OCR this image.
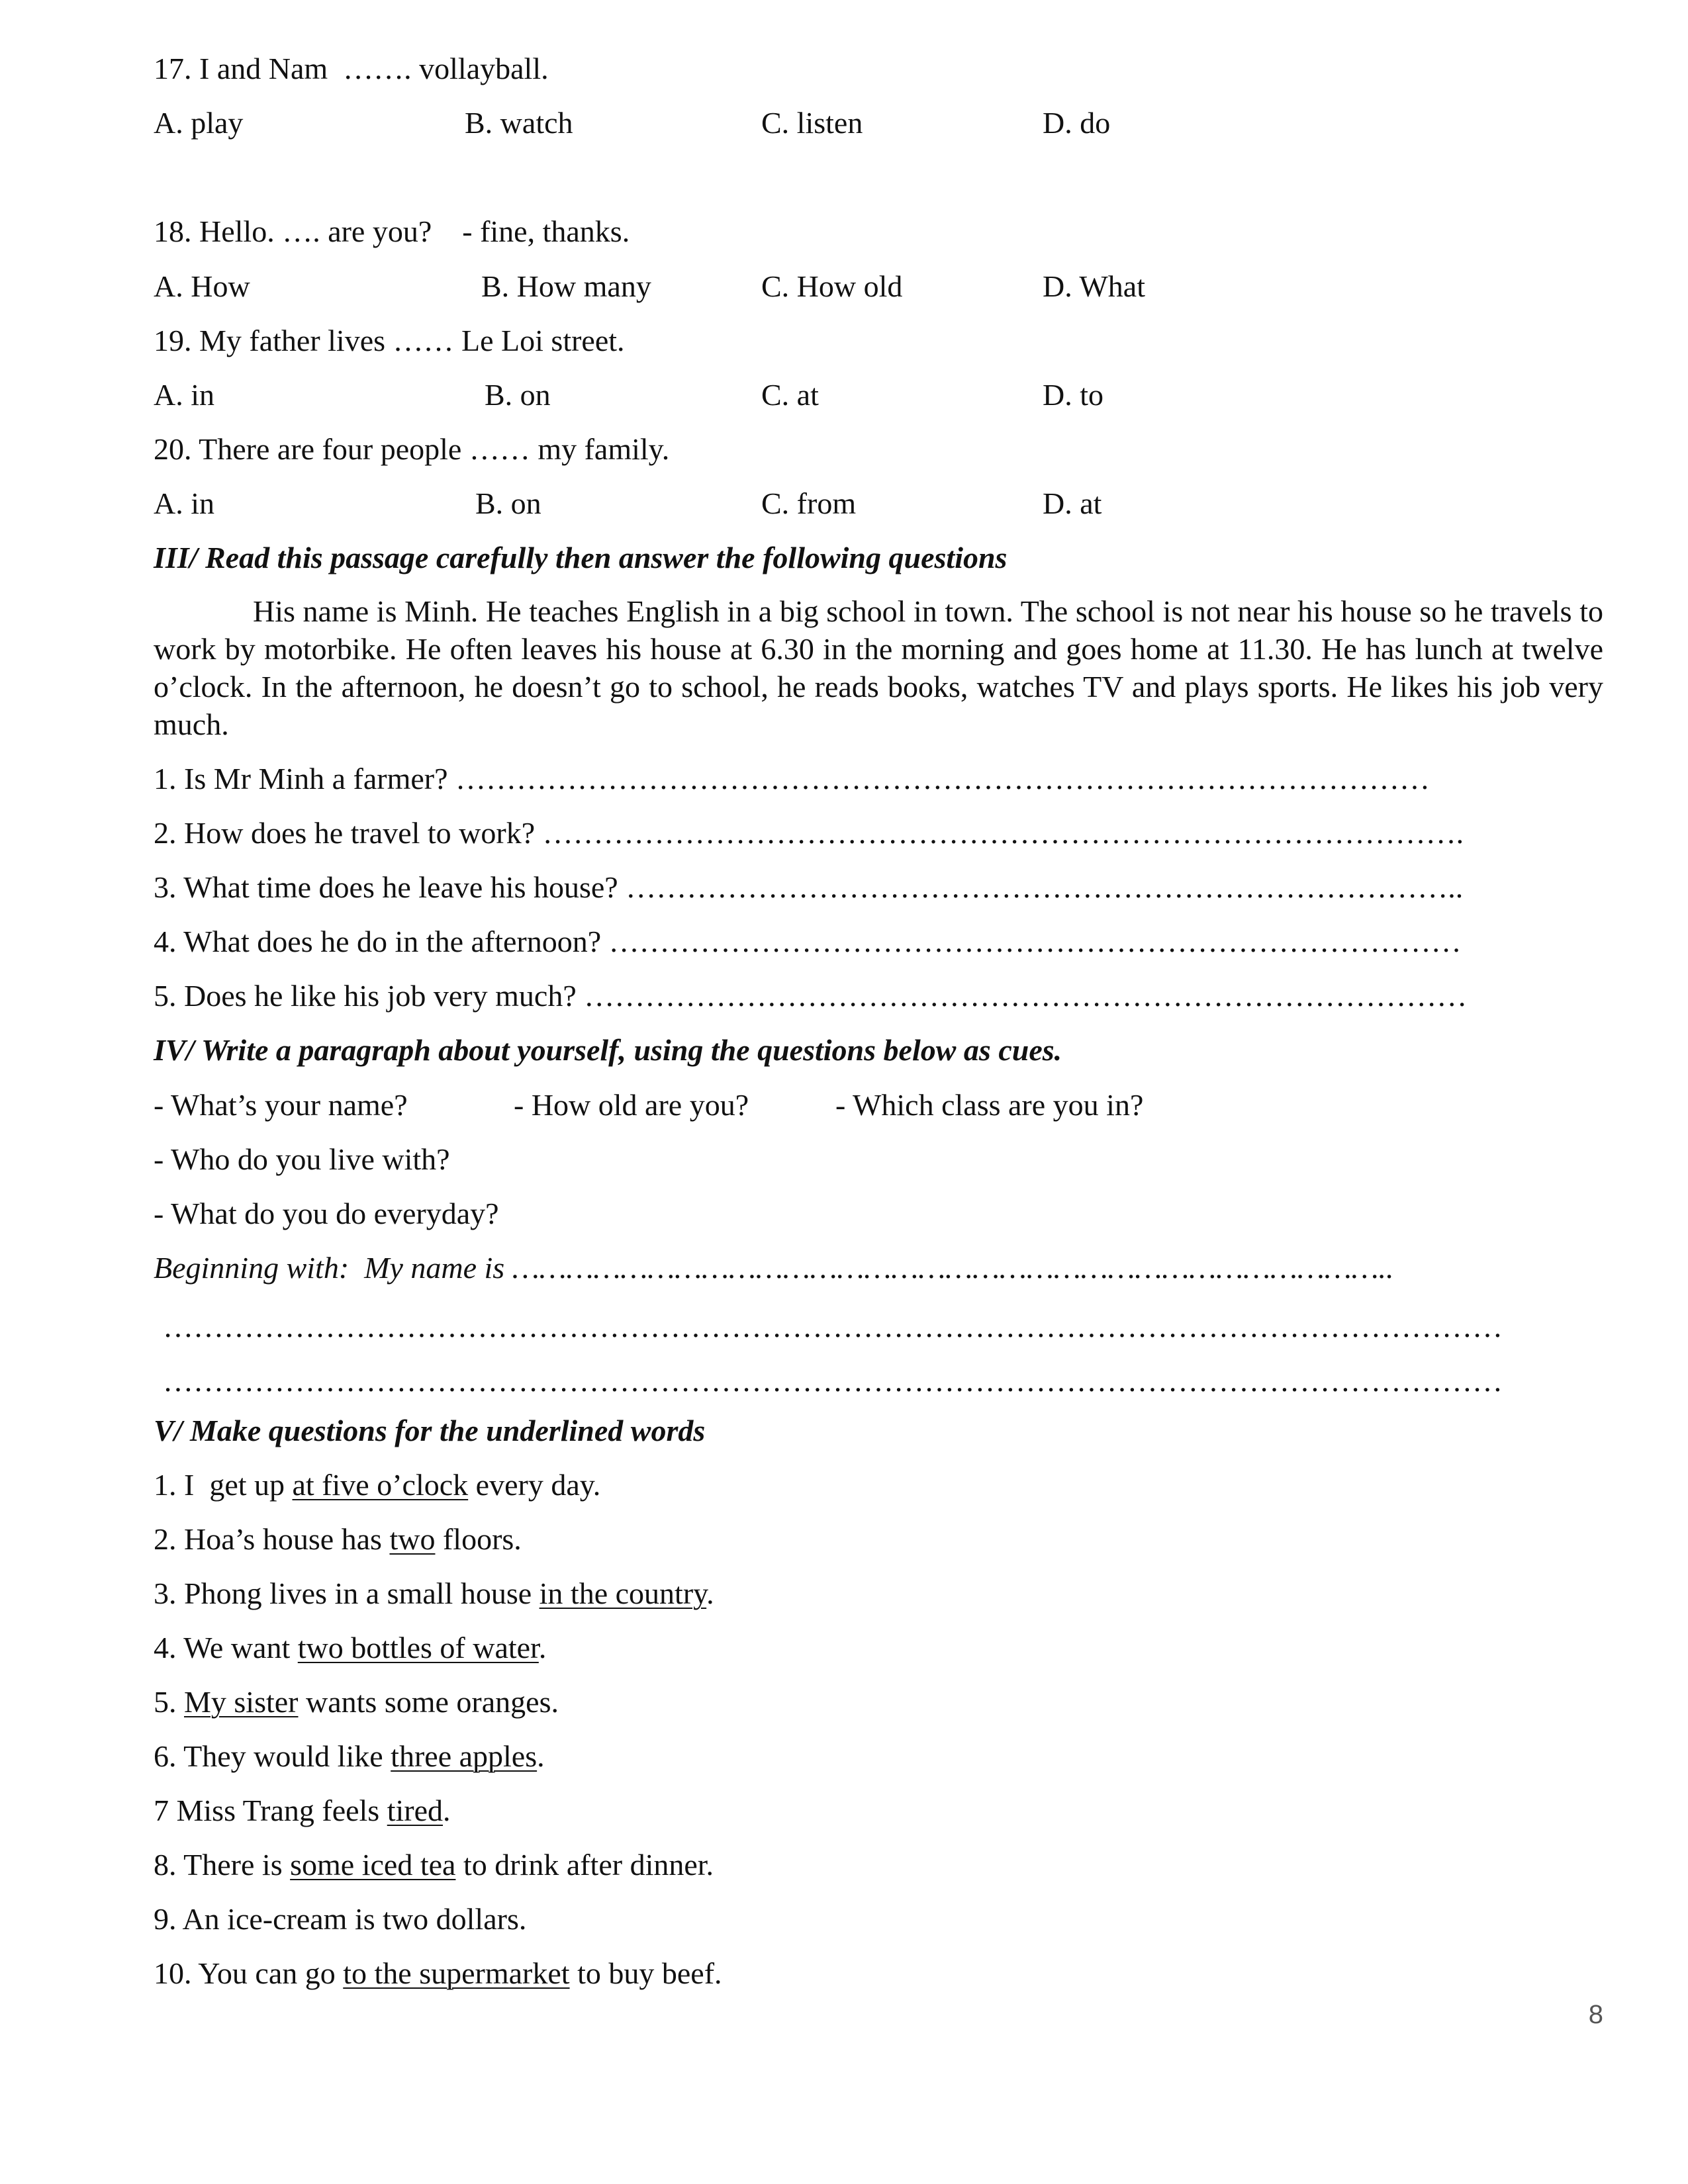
17. I and Nam  ……. vollayball.
A. play	B. watch	C. listen	D. do
18. Hello. …. are you?    - fine, thanks.
A. How	B. How many	C. How old	D. What
19. My father lives …… Le Loi street.
A. in	B. on	C. at	D. to
20. There are four people …… my family.
A. in	B. on	C. from	D. at
III/ Read this passage carefully then answer the following questions
His name is Minh. He teaches English in a big school in town. The school is not near his house so he travels to work by motorbike. He often leaves his house at 6.30 in the morning and goes home at 11.30. He has lunch at twelve o’clock. In the afternoon, he doesn’t go to school, he reads books, watches TV and plays sports. He likes his job very much.
1. Is Mr Minh a farmer? ……………………………………………………………………………………
2. How does he travel to work? ……………………………………………………………………………….
3. What time does he leave his house? ………………………………………………………………………..
4. What does he do in the afternoon? …………………………………………………………………………
5. Does he like his job very much? ……………………………………………………………………………
IV/ Write a paragraph about yourself, using the questions below as cues.
- What’s your name?	- How old are you?	- Which class are you in?
- Who do you live with?
- What do you do everyday?
Beginning with:  My name is ……………………………………………………………………………………..
……………………………………………………………………………………………………………………
……………………………………………………………………………………………………………………
V/ Make questions for the underlined words
1. I  get up at five o’clock every day.
2. Hoa’s house has two floors.
3. Phong lives in a small house in the country.
4. We want two bottles of water.
5. My sister wants some oranges.
6. They would like three apples.
7 Miss Trang feels tired.
8. There is some iced tea to drink after dinner.
9. An ice-cream is two dollars.
10. You can go to the supermarket to buy beef.
8
